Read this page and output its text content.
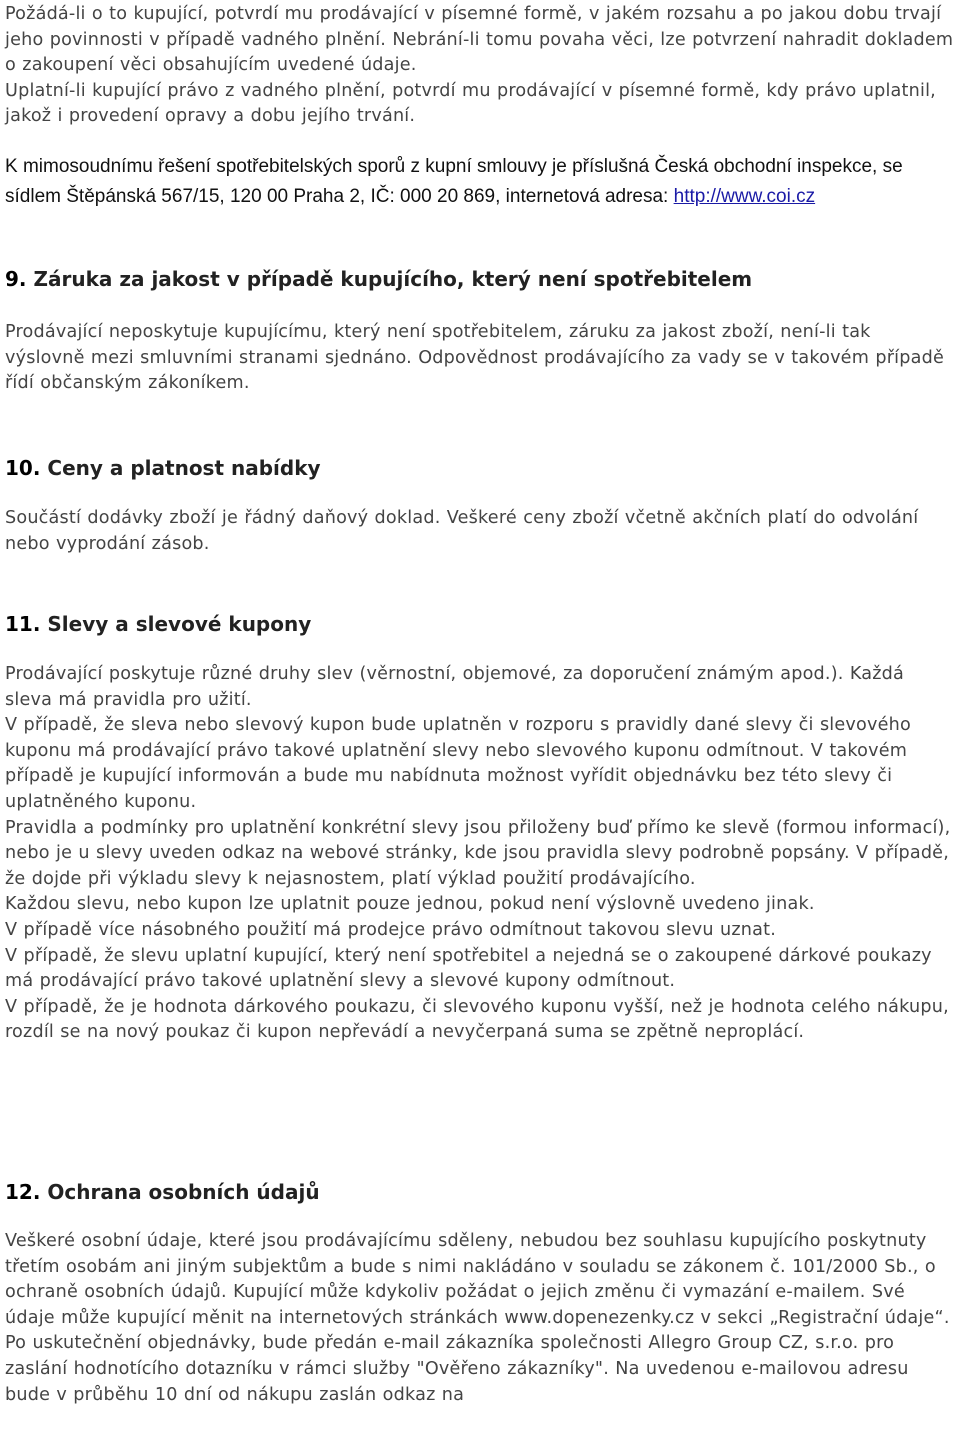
Požádá-li o to kupující, potvrdí mu prodávající v písemné formě, v jakém rozsahu a po jakou dobu trvají jeho povinnosti v případě vadného plnění. Nebrání-li tomu povaha věci, lze potvrzení nahradit dokladem o zakoupení věci obsahujícím uvedené údaje.
Uplatní-li kupující právo z vadného plnění, potvrdí mu prodávající v písemné formě, kdy právo uplatnil, jakož i provedení opravy a dobu jejího trvání.

K mimosoudnímu řešení spotřebitelských sporů z kupní smlouvy je příslušná Česká obchodní inspekce, se sídlem Štěpánská 567/15, 120 00 Praha 2, IČ: 000 20 869, internetová adresa: http://www.coi.cz

9. Záruka za jakost v případě kupujícího, který není spotřebitelem
Prodávající neposkytuje kupujícímu, který není spotřebitelem, záruku za jakost zboží, není-li tak výslovně mezi smluvními stranami sjednáno. Odpovědnost prodávajícího za vady se v takovém případě řídí občanským zákoníkem.
10. Ceny a platnost nabídky
Součástí dodávky zboží je řádný daňový doklad. Veškeré ceny zboží včetně akčních platí do odvolání nebo vyprodání zásob.
11. Slevy a slevové kupony
Prodávající poskytuje různé druhy slev (věrnostní, objemové, za doporučení známým apod.). Každá sleva má pravidla pro užití.
V případě, že sleva nebo slevový kupon bude uplatněn v rozporu s pravidly dané slevy či slevového kuponu má prodávající právo takové uplatnění slevy nebo slevového kuponu odmítnout. V takovém případě je kupující informován a bude mu nabídnuta možnost vyřídit objednávku bez této slevy či uplatněného kuponu.
Pravidla a podmínky pro uplatnění konkrétní slevy jsou přiloženy buď přímo ke slevě (formou informací), nebo je u slevy uveden odkaz na webové stránky, kde jsou pravidla slevy podrobně popsány. V případě, že dojde při výkladu slevy k nejasnostem, platí výklad použití prodávajícího.
Každou slevu, nebo kupon lze uplatnit pouze jednou, pokud není výslovně uvedeno jinak.
V případě více násobného použití má prodejce právo odmítnout takovou slevu uznat.
V případě, že slevu uplatní kupující, který není spotřebitel a nejedná se o zakoupené dárkové poukazy má prodávající právo takové uplatnění slevy a slevové kupony odmítnout.
V případě, že je hodnota dárkového poukazu, či slevového kuponu vyšší, než je hodnota celého nákupu, rozdíl se na nový poukaz či kupon nepřevádí a nevyčerpaná suma se zpětně neproplácí.
12. Ochrana osobních údajů
Veškeré osobní údaje, které jsou prodávajícímu sděleny, nebudou bez souhlasu kupujícího poskytnuty třetím osobám ani jiným subjektům a bude s nimi nakládáno v souladu se zákonem č. 101/2000 Sb., o ochraně osobních údajů. Kupující může kdykoliv požádat o jejich změnu či vymazání e-mailem. Své údaje může kupující měnit na internetových stránkách www.dopenezenky.cz v sekci „Registrační údaje“.
Po uskutečnění objednávky, bude předán e-mail zákazníka společnosti Allegro Group CZ, s.r.o. pro zaslání hodnotícího dotazníku v rámci služby "Ověřeno zákazníky". Na uvedenou e-mailovou adresu bude v průběhu 10 dní od nákupu zaslán odkaz na
